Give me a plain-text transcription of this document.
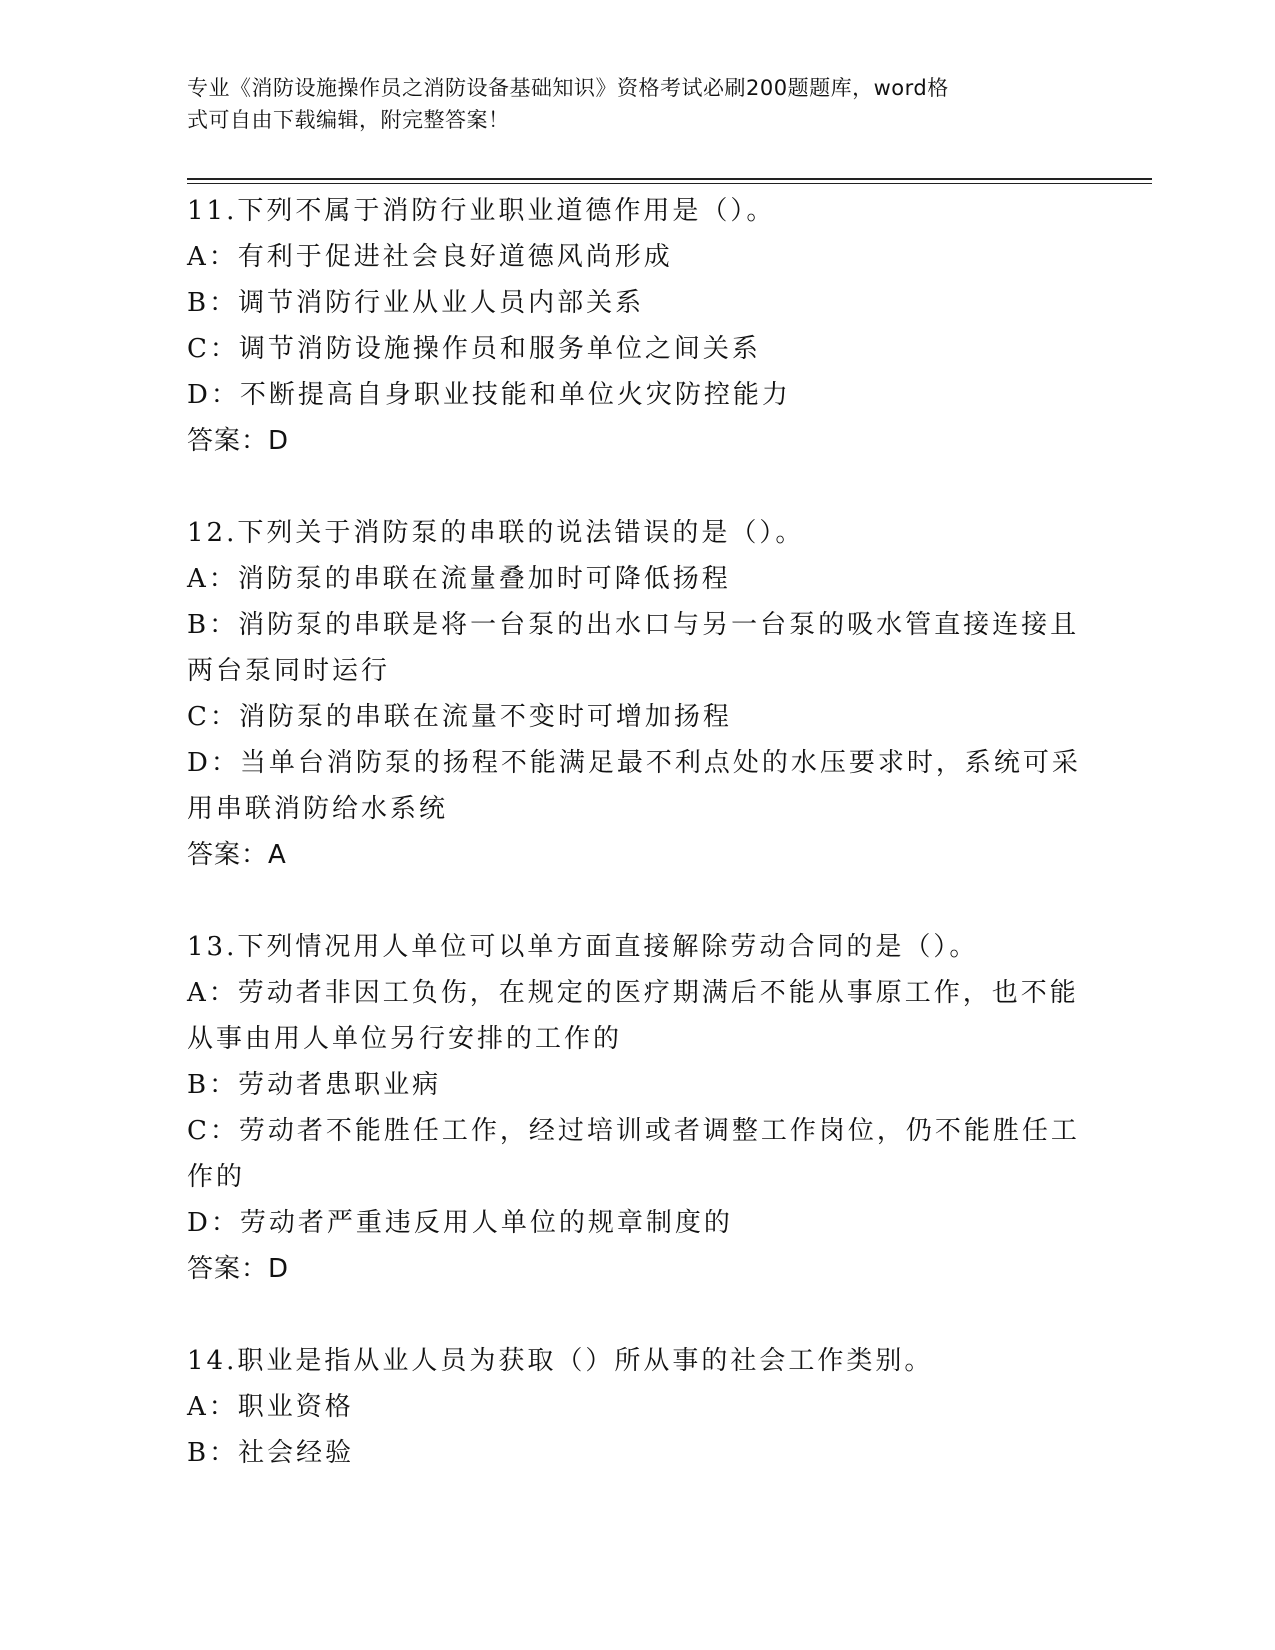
专业《消防设施操作员之消防设备基础知识》资格考试必刷200题题库，word格
式可自由下载编辑，附完整答案！
11.下列不属于消防行业职业道德作用是（）。
A：有利于促进社会良好道德风尚形成
B：调节消防行业从业人员内部关系
C：调节消防设施操作员和服务单位之间关系
D：不断提高自身职业技能和单位火灾防控能力
答案：D
12.下列关于消防泵的串联的说法错误的是（）。
A：消防泵的串联在流量叠加时可降低扬程
B：消防泵的串联是将一台泵的出水口与另一台泵的吸水管直接连接且
两台泵同时运行
C：消防泵的串联在流量不变时可增加扬程
D：当单台消防泵的扬程不能满足最不利点处的水压要求时，系统可采
用串联消防给水系统
答案：A
13.下列情况用人单位可以单方面直接解除劳动合同的是（）。
A：劳动者非因工负伤，在规定的医疗期满后不能从事原工作，也不能
从事由用人单位另行安排的工作的
B：劳动者患职业病
C：劳动者不能胜任工作，经过培训或者调整工作岗位，仍不能胜任工
作的
D：劳动者严重违反用人单位的规章制度的
答案：D
14.职业是指从业人员为获取（）所从事的社会工作类别。
A：职业资格
B：社会经验
